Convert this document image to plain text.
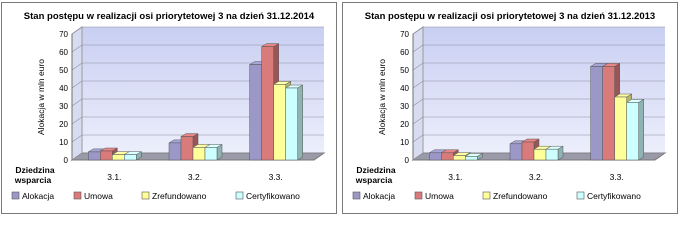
Stan postępu w realizacji osi priorytetowej 3 na dzień 31.12.2014
0
10
20
30
40
50
60
70
Alokacja w mln euro
3.1.	3.2.	3.3.
Dziedzina
wsparcia
Alokacja	Umowa	Zrefundowano	Certyfikowano
Stan postępu w realizacji osi priorytetowej 3 na dzień 31.12.2013
0
10
20
30
40
50
60
70
Alokacja w mln euro
3.1.	3.2.	3.3.
Dziedzina
wsparcia
Alokacja	Umowa	Zrefundowano	Certyfikowano
